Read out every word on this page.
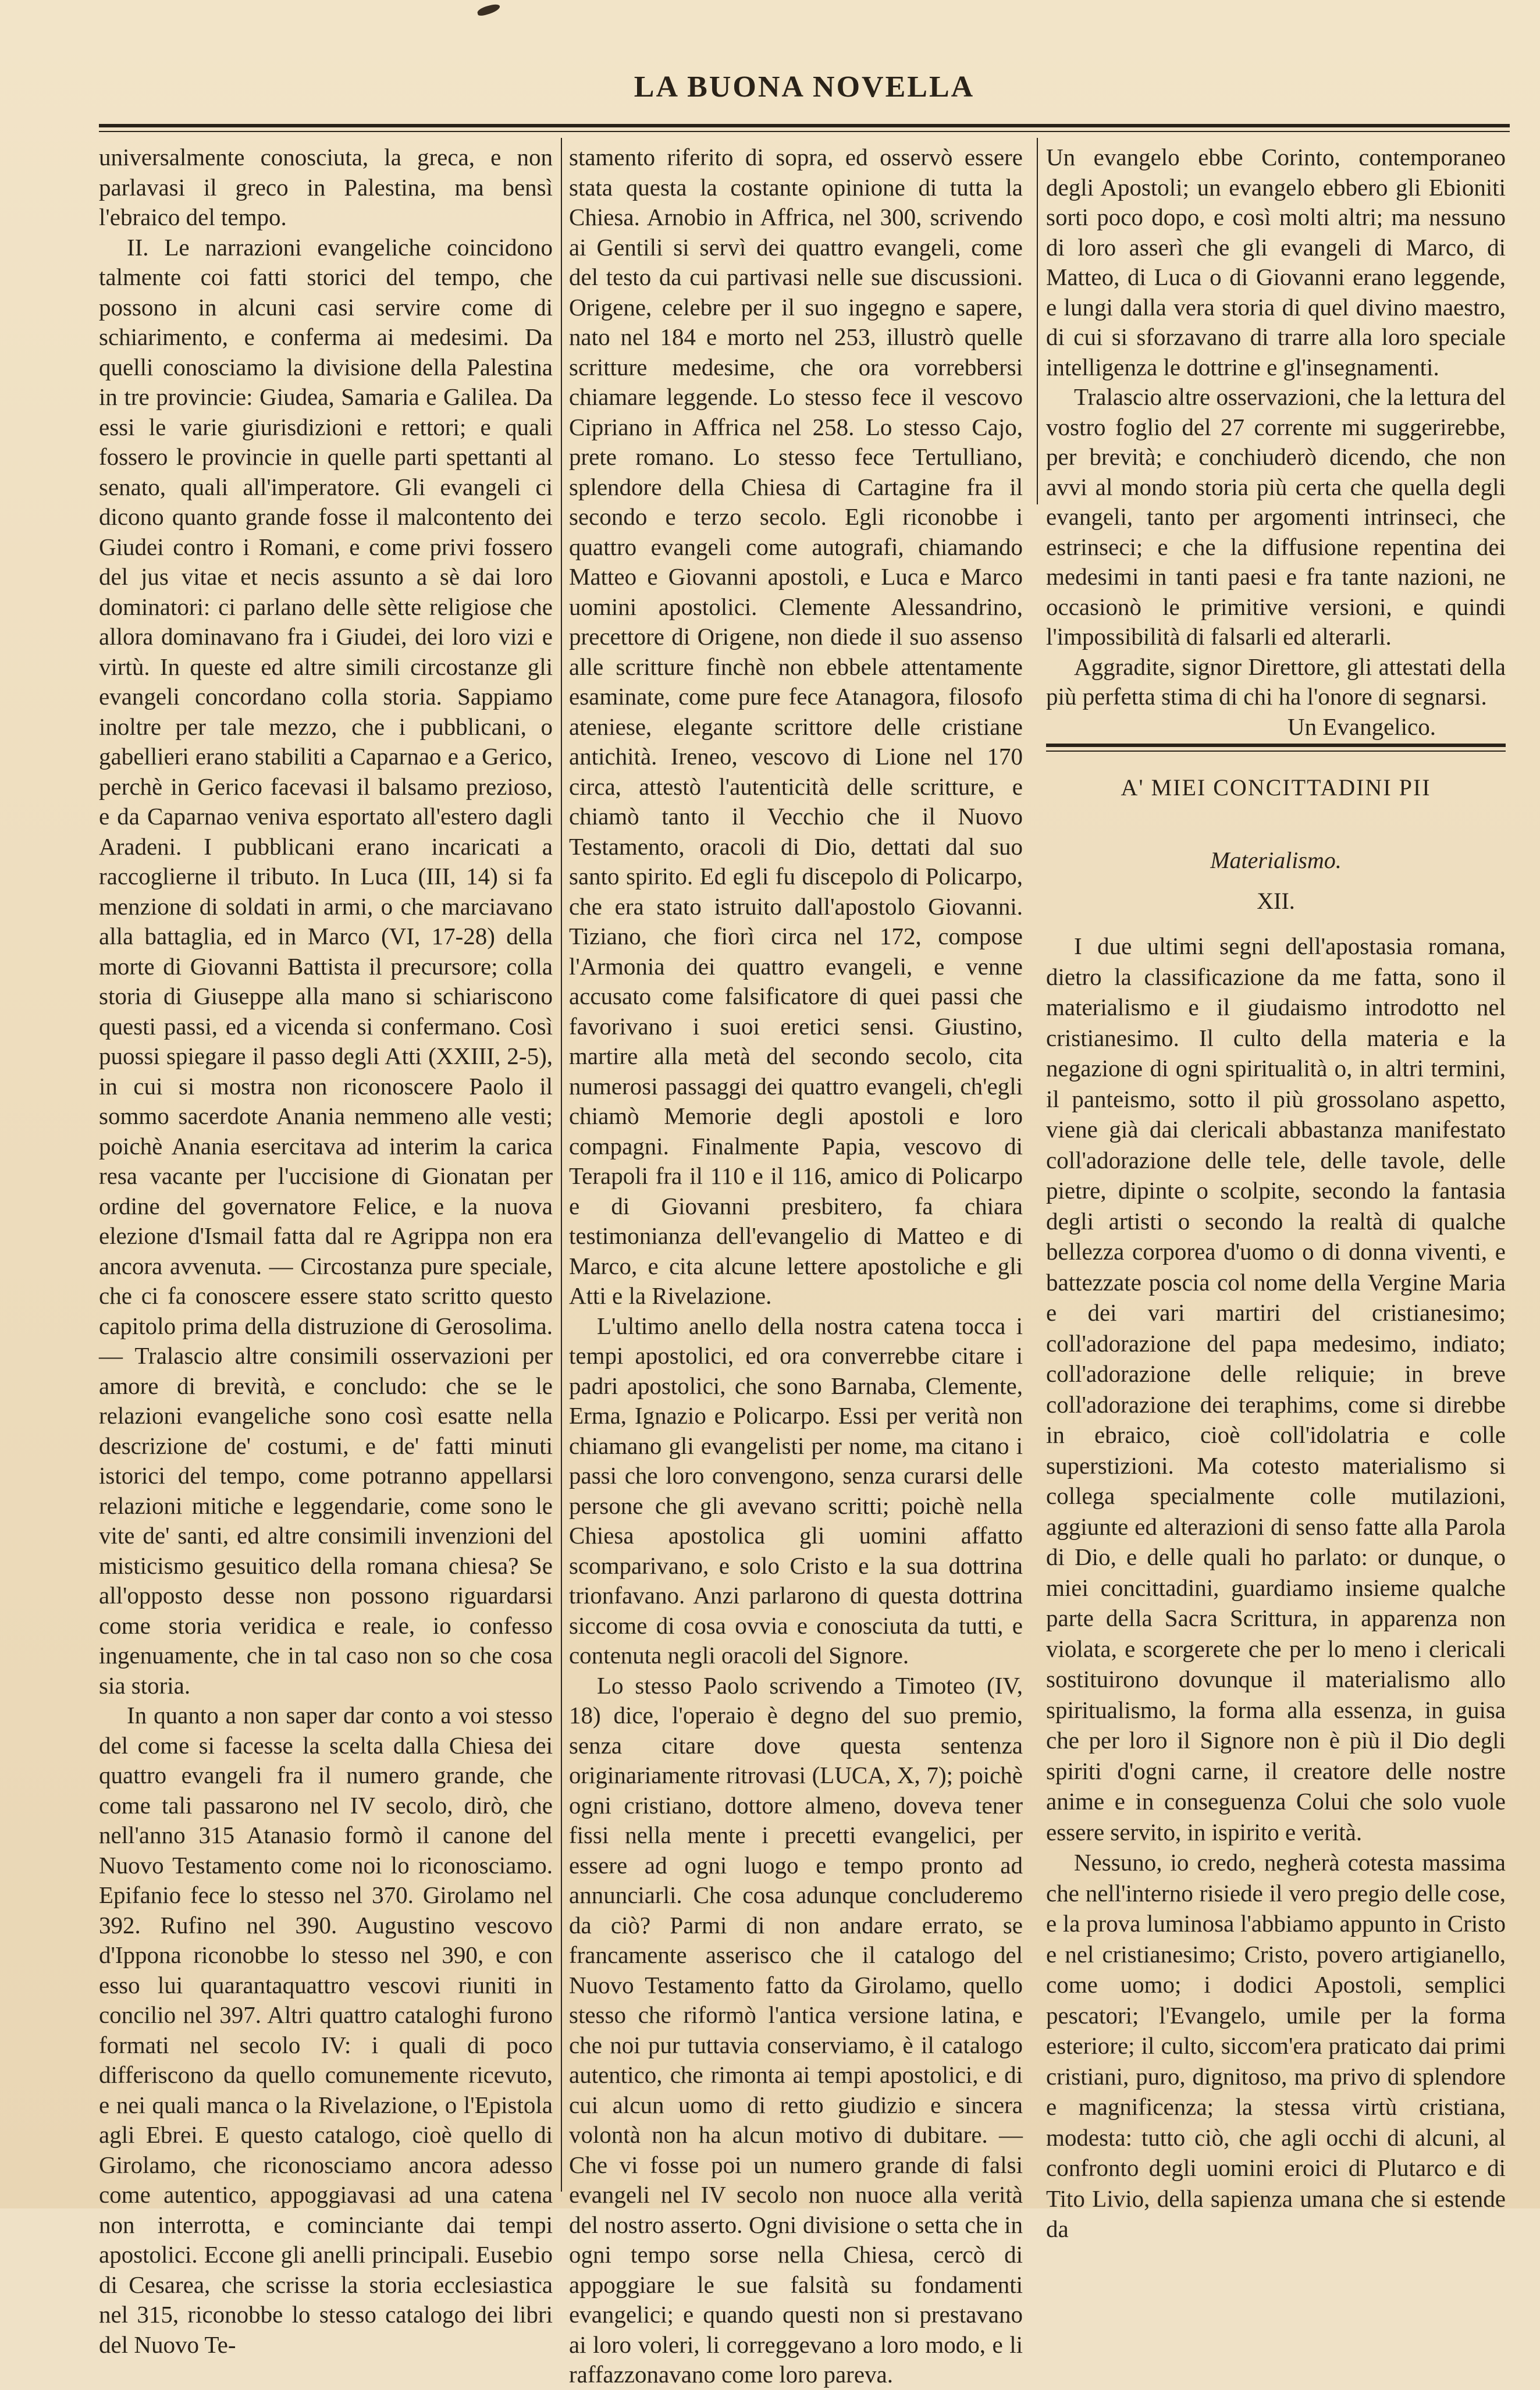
LA BUONA NOVELLA

universalmente conosciuta, la greca, e non parlavasi il greco in Palestina, ma bensì l'ebraico del tempo.

II. Le narrazioni evangeliche coincidono talmente coi fatti storici del tempo, che possono in alcuni casi servire come di schiarimento, e conferma ai medesimi. Da quelli conosciamo la divisione della Palestina in tre provincie: Giudea, Samaria e Galilea. Da essi le varie giurisdizioni e rettori; e quali fossero le provincie in quelle parti spettanti al senato, quali all'imperatore. Gli evangeli ci dicono quanto grande fosse il malcontento dei Giudei contro i Romani, e come privi fossero del jus vitae et necis assunto a sè dai loro dominatori: ci parlano delle sètte religiose che allora dominavano fra i Giudei, dei loro vizi e virtù. In queste ed altre simili circostanze gli evangeli concordano colla storia. Sappiamo inoltre per tale mezzo, che i pubblicani, o gabellieri erano stabiliti a Caparnao e a Gerico, perchè in Gerico facevasi il balsamo prezioso, e da Caparnao veniva esportato all'estero dagli Aradeni. I pubblicani erano incaricati a raccoglierne il tributo. In Luca (III, 14) si fa menzione di soldati in armi, o che marciavano alla battaglia, ed in Marco (VI, 17-28) della morte di Giovanni Battista il precursore; colla storia di Giuseppe alla mano si schiariscono questi passi, ed a vicenda si confermano. Così puossi spiegare il passo degli Atti (XXIII, 2-5), in cui si mostra non riconoscere Paolo il sommo sacerdote Anania nemmeno alle vesti; poichè Anania esercitava ad interim la carica resa vacante per l'uccisione di Gionatan per ordine del governatore Felice, e la nuova elezione d'Ismail fatta dal re Agrippa non era ancora avvenuta. — Circostanza pure speciale, che ci fa conoscere essere stato scritto questo capitolo prima della distruzione di Gerosolima. — Tralascio altre consimili osservazioni per amore di brevità, e concludo: che se le relazioni evangeliche sono così esatte nella descrizione de' costumi, e de' fatti minuti istorici del tempo, come potranno appellarsi relazioni mitiche e leggendarie, come sono le vite de' santi, ed altre consimili invenzioni del misticismo gesuitico della romana chiesa? Se all'opposto desse non possono riguardarsi come storia veridica e reale, io confesso ingenuamente, che in tal caso non so che cosa sia storia.

In quanto a non saper dar conto a voi stesso del come si facesse la scelta dalla Chiesa dei quattro evangeli fra il numero grande, che come tali passarono nel IV secolo, dirò, che nell'anno 315 Atanasio formò il canone del Nuovo Testamento come noi lo riconosciamo. Epifanio fece lo stesso nel 370. Girolamo nel 392. Rufino nel 390. Augustino vescovo d'Ippona riconobbe lo stesso nel 390, e con esso lui quarantaquattro vescovi riuniti in concilio nel 397. Altri quattro cataloghi furono formati nel secolo IV: i quali di poco differiscono da quello comunemente ricevuto, e nei quali manca o la Rivelazione, o l'Epistola agli Ebrei. E questo catalogo, cioè quello di Girolamo, che riconosciamo ancora adesso come autentico, appoggiavasi ad una catena non interrotta, e cominciante dai tempi apostolici. Eccone gli anelli principali. Eusebio di Cesarea, che scrisse la storia ecclesiastica nel 315, riconobbe lo stesso catalogo dei libri del Nuovo Te-

stamento riferito di sopra, ed osservò essere stata questa la costante opinione di tutta la Chiesa. Arnobio in Affrica, nel 300, scrivendo ai Gentili si servì dei quattro evangeli, come del testo da cui partivasi nelle sue discussioni. Origene, celebre per il suo ingegno e sapere, nato nel 184 e morto nel 253, illustrò quelle scritture medesime, che ora vorrebbersi chiamare leggende. Lo stesso fece il vescovo Cipriano in Affrica nel 258. Lo stesso Cajo, prete romano. Lo stesso fece Tertulliano, splendore della Chiesa di Cartagine fra il secondo e terzo secolo. Egli riconobbe i quattro evangeli come autografi, chiamando Matteo e Giovanni apostoli, e Luca e Marco uomini apostolici. Clemente Alessandrino, precettore di Origene, non diede il suo assenso alle scritture finchè non ebbele attentamente esaminate, come pure fece Atanagora, filosofo ateniese, elegante scrittore delle cristiane antichità. Ireneo, vescovo di Lione nel 170 circa, attestò l'autenticità delle scritture, e chiamò tanto il Vecchio che il Nuovo Testamento, oracoli di Dio, dettati dal suo santo spirito. Ed egli fu discepolo di Policarpo, che era stato istruito dall'apostolo Giovanni. Tiziano, che fiorì circa nel 172, compose l'Armonia dei quattro evangeli, e venne accusato come falsificatore di quei passi che favorivano i suoi eretici sensi. Giustino, martire alla metà del secondo secolo, cita numerosi passaggi dei quattro evangeli, ch'egli chiamò Memorie degli apostoli e loro compagni. Finalmente Papia, vescovo di Terapoli fra il 110 e il 116, amico di Policarpo e di Giovanni presbitero, fa chiara testimonianza dell'evangelio di Matteo e di Marco, e cita alcune lettere apostoliche e gli Atti e la Rivelazione.

L'ultimo anello della nostra catena tocca i tempi apostolici, ed ora converrebbe citare i padri apostolici, che sono Barnaba, Clemente, Erma, Ignazio e Policarpo. Essi per verità non chiamano gli evangelisti per nome, ma citano i passi che loro convengono, senza curarsi delle persone che gli avevano scritti; poichè nella Chiesa apostolica gli uomini affatto scomparivano, e solo Cristo e la sua dottrina trionfavano. Anzi parlarono di questa dottrina siccome di cosa ovvia e conosciuta da tutti, e contenuta negli oracoli del Signore.

Lo stesso Paolo scrivendo a Timoteo (IV, 18) dice, l'operaio è degno del suo premio, senza citare dove questa sentenza originariamente ritrovasi (LUCA, X, 7); poichè ogni cristiano, dottore almeno, doveva tener fissi nella mente i precetti evangelici, per essere ad ogni luogo e tempo pronto ad annunciarli. Che cosa adunque concluderemo da ciò? Parmi di non andare errato, se francamente asserisco che il catalogo del Nuovo Testamento fatto da Girolamo, quello stesso che riformò l'antica versione latina, e che noi pur tuttavia conserviamo, è il catalogo autentico, che rimonta ai tempi apostolici, e di cui alcun uomo di retto giudizio e sincera volontà non ha alcun motivo di dubitare. — Che vi fosse poi un numero grande di falsi evangeli nel IV secolo non nuoce alla verità del nostro asserto. Ogni divisione o setta che in ogni tempo sorse nella Chiesa, cercò di appoggiare le sue falsità su fondamenti evangelici; e quando questi non si prestavano ai loro voleri, li correggevano a loro modo, e li raffazzonavano come loro pareva.

Un evangelo ebbe Corinto, contemporaneo degli Apostoli; un evangelo ebbero gli Ebioniti sorti poco dopo, e così molti altri; ma nessuno di loro asserì che gli evangeli di Marco, di Matteo, di Luca o di Giovanni erano leggende, e lungi dalla vera storia di quel divino maestro, di cui si sforzavano di trarre alla loro speciale intelligenza le dottrine e gl'insegnamenti.

Tralascio altre osservazioni, che la lettura del vostro foglio del 27 corrente mi suggerirebbe, per brevità; e conchiuderò dicendo, che non avvi al mondo storia più certa che quella degli evangeli, tanto per argomenti intrinseci, che estrinseci; e che la diffusione repentina dei medesimi in tanti paesi e fra tante nazioni, ne occasionò le primitive versioni, e quindi l'impossibilità di falsarli ed alterarli.

Aggradite, signor Direttore, gli attestati della più perfetta stima di chi ha l'onore di segnarsi.

Un Evangelico.

A' MIEI CONCITTADINI PII
Materialismo.
XII.

I due ultimi segni dell'apostasia romana, dietro la classificazione da me fatta, sono il materialismo e il giudaismo introdotto nel cristianesimo. Il culto della materia e la negazione di ogni spiritualità o, in altri termini, il panteismo, sotto il più grossolano aspetto, viene già dai clericali abbastanza manifestato coll'adorazione delle tele, delle tavole, delle pietre, dipinte o scolpite, secondo la fantasia degli artisti o secondo la realtà di qualche bellezza corporea d'uomo o di donna viventi, e battezzate poscia col nome della Vergine Maria e dei vari martiri del cristianesimo; coll'adorazione del papa medesimo, indiato; coll'adorazione delle reliquie; in breve coll'adorazione dei teraphims, come si direbbe in ebraico, cioè coll'idolatria e colle superstizioni. Ma cotesto materialismo si collega specialmente colle mutilazioni, aggiunte ed alterazioni di senso fatte alla Parola di Dio, e delle quali ho parlato: or dunque, o miei concittadini, guardiamo insieme qualche parte della Sacra Scrittura, in apparenza non violata, e scorgerete che per lo meno i clericali sostituirono dovunque il materialismo allo spiritualismo, la forma alla essenza, in guisa che per loro il Signore non è più il Dio degli spiriti d'ogni carne, il creatore delle nostre anime e in conseguenza Colui che solo vuole essere servito, in ispirito e verità.

Nessuno, io credo, negherà cotesta massima che nell'interno risiede il vero pregio delle cose, e la prova luminosa l'abbiamo appunto in Cristo e nel cristianesimo; Cristo, povero artigianello, come uomo; i dodici Apostoli, semplici pescatori; l'Evangelo, umile per la forma esteriore; il culto, siccom'era praticato dai primi cristiani, puro, dignitoso, ma privo di splendore e magnificenza; la stessa virtù cristiana, modesta: tutto ciò, che agli occhi di alcuni, al confronto degli uomini eroici di Plutarco e di Tito Livio, della sapienza umana che si estende da
